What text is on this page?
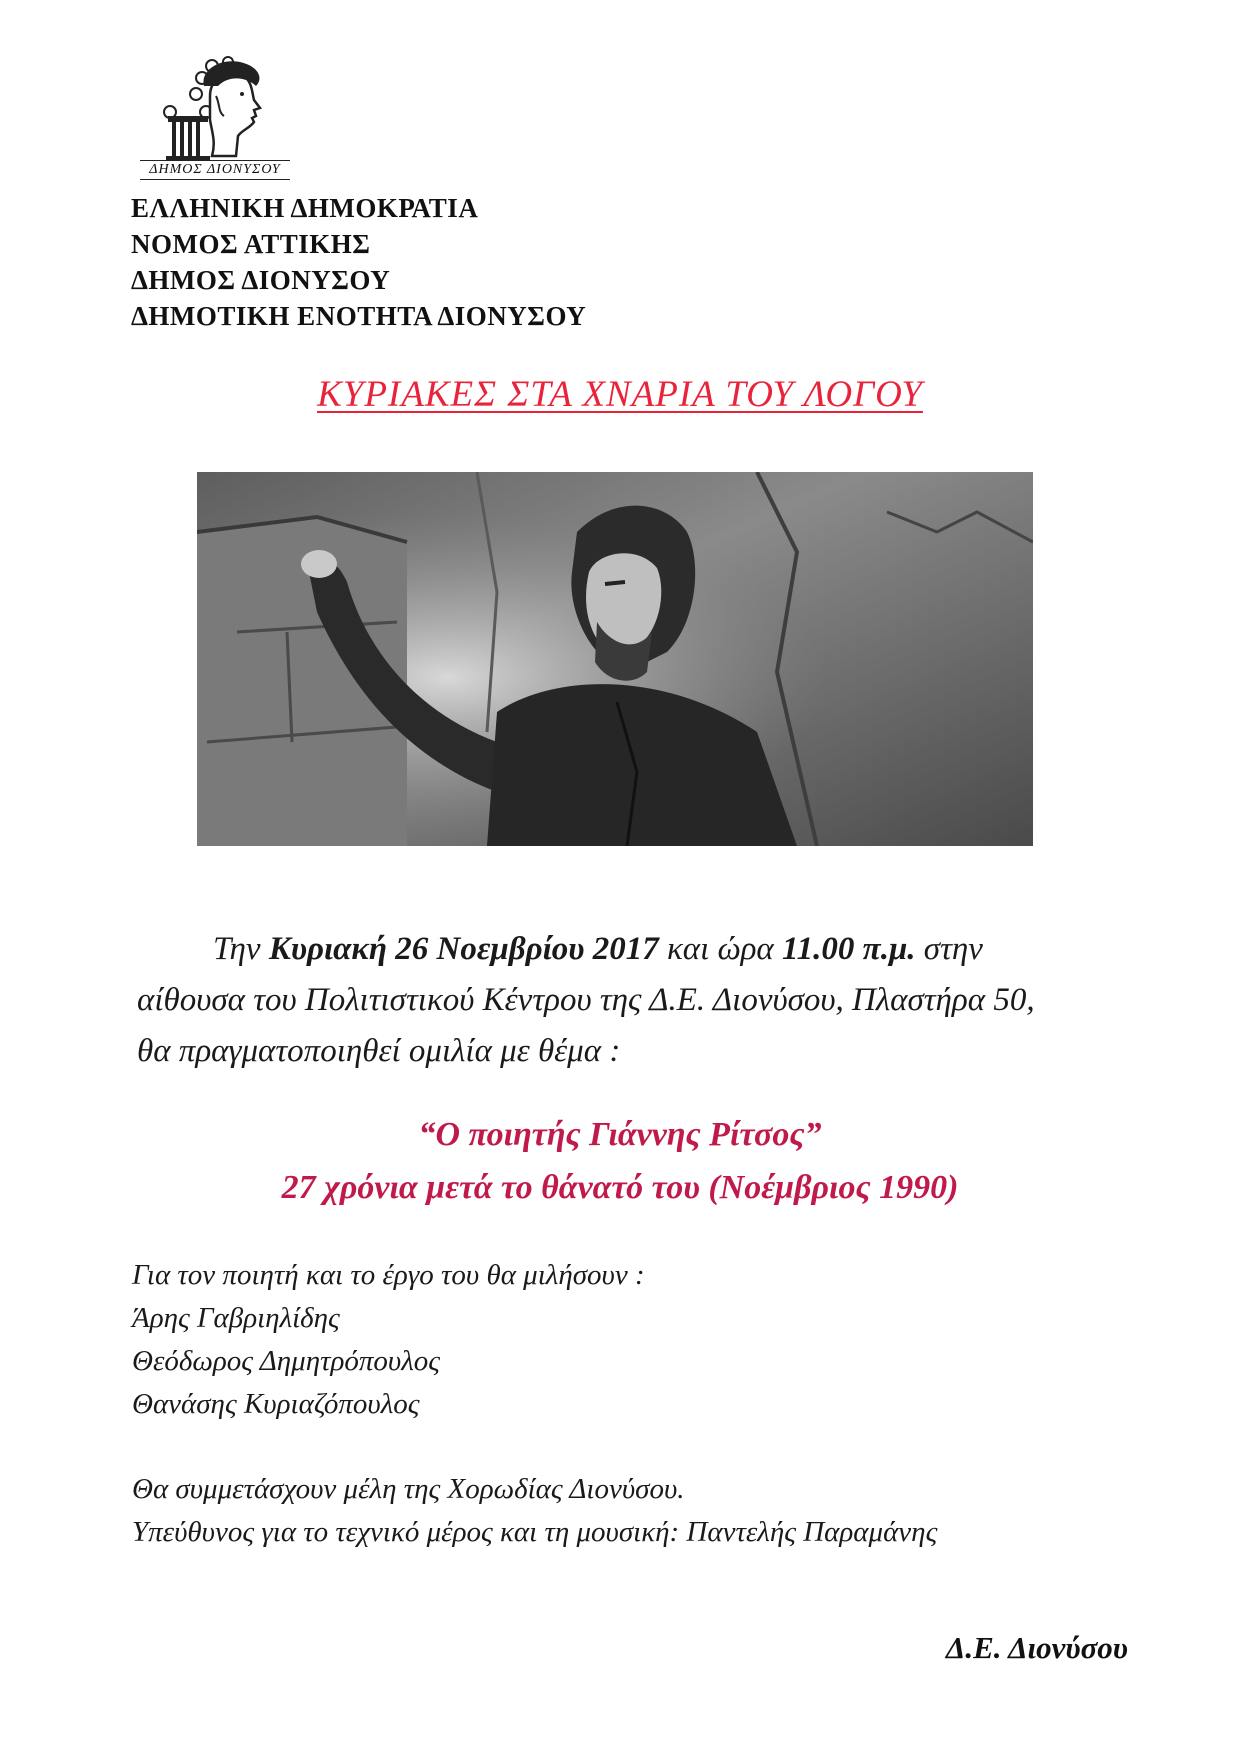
ΔΗΜΟΣ ΔΙΟΝΥΣΟΥ
ΕΛΛΗΝΙΚΗ ΔΗΜΟΚΡΑΤΙΑ
ΝΟΜΟΣ ΑΤΤΙΚΗΣ
ΔΗΜΟΣ ΔΙΟΝΥΣΟΥ
ΔΗΜΟΤΙΚΗ ΕΝΟΤΗΤΑ ΔΙΟΝΥΣΟΥ
ΚΥΡΙΑΚΕΣ ΣΤΑ ΧΝΑΡΙΑ ΤΟΥ ΛΟΓΟΥ
Την Κυριακή 26 Νοεμβρίου 2017 και ώρα 11.00 π.μ. στην
αίθουσα του Πολιτιστικού Κέντρου της Δ.Ε. Διονύσου, Πλαστήρα 50,
θα πραγματοποιηθεί ομιλία με θέμα :
“Ο ποιητής Γιάννης Ρίτσος”
27 χρόνια μετά το θάνατό του (Νοέμβριος 1990)
Για τον ποιητή και το έργο του θα μιλήσουν :
Άρης Γαβριηλίδης
Θεόδωρος Δημητρόπουλος
Θανάσης Κυριαζόπουλος
Θα συμμετάσχουν μέλη της Χορωδίας Διονύσου.
Υπεύθυνος για το τεχνικό μέρος και τη μουσική: Παντελής Παραμάνης
Δ.Ε. Διονύσου
